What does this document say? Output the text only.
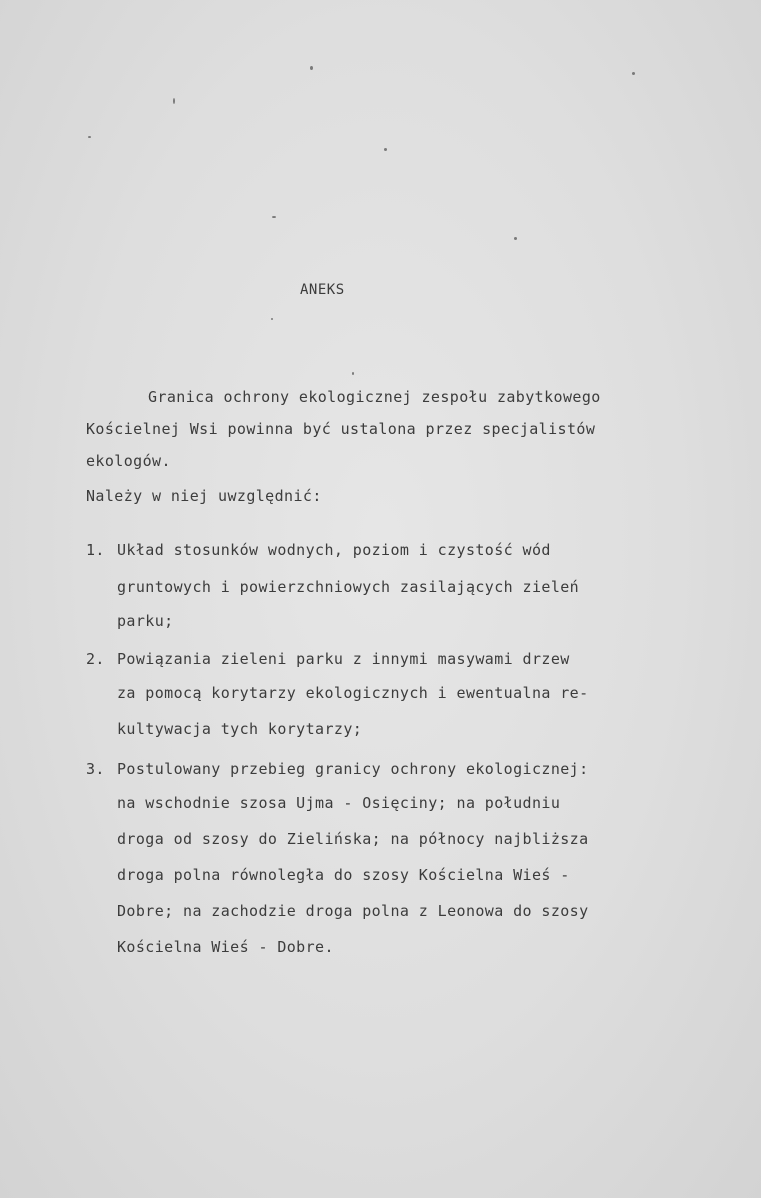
ANEKS
Granica ochrony ekologicznej zespołu zabytkowego
Kościelnej Wsi powinna być ustalona przez specjalistów
ekologów.
Należy w niej uwzględnić:
1. Układ stosunków wodnych, poziom i czystość wód
gruntowych i powierzchniowych zasilających zieleń
parku;
2. Powiązania zieleni parku z innymi masywami drzew
za pomocą korytarzy ekologicznych i ewentualna re-
kultywacja tych korytarzy;
3. Postulowany przebieg granicy ochrony ekologicznej:
na wschodnie szosa Ujma - Osięciny; na południu
droga od szosy do Zielińska; na północy najbliższa
droga polna równoległa do szosy Kościelna Wieś -
Dobre; na zachodzie droga polna z Leonowa do szosy
Kościelna Wieś - Dobre.
